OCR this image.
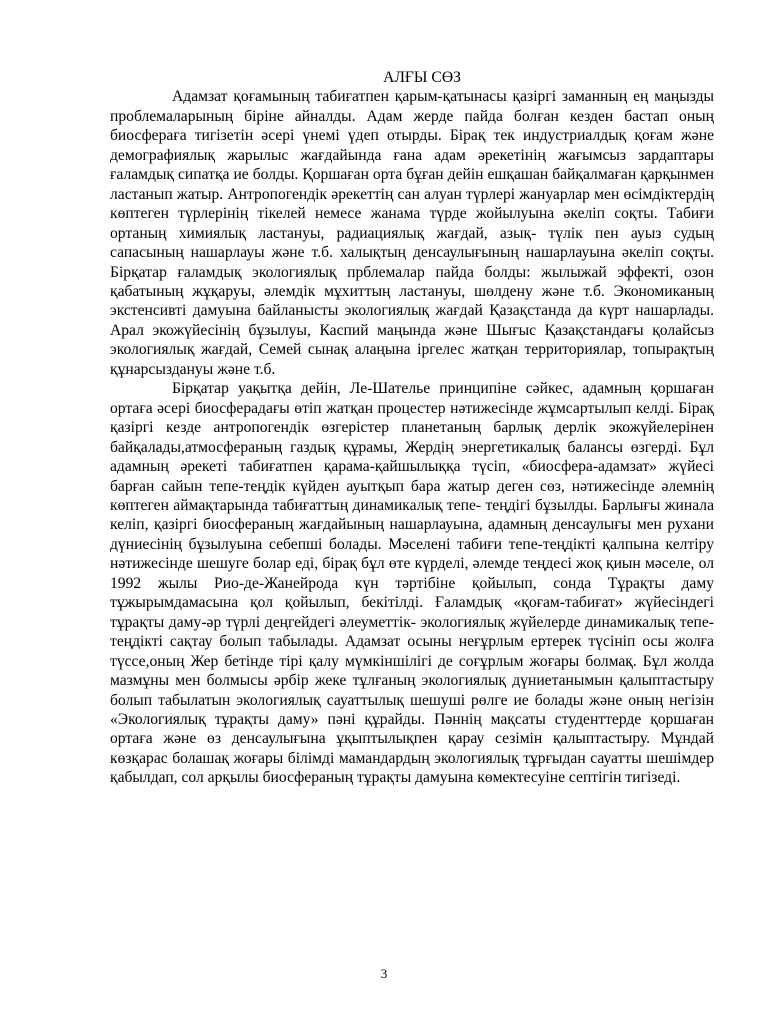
АЛҒЫ СӨЗ

Адамзат қоғамының табиғатпен қарым-қатынасы қазіргі заманның ең маңызды проблемаларының біріне айналды. Адам жерде пайда болған кезден бастап оның биосфераға тигізетін әсері үнемі үдеп отырды. Бірақ тек индустриалдық қоғам және демографиялық жарылыс жағдайында ғана адам әрекетінің жағымсыз зардаптары ғаламдық сипатқа ие болды. Қоршаған орта бұған дейін ешқашан байқалмаған қарқынмен ластанып жатыр. Антропогендік әрекеттің сан алуан түрлері жануарлар мен өсімдіктердің көптеген түрлерінің тікелей немесе жанама түрде жойылуына әкеліп соқты. Табиғи ортаның химиялық ластануы, радиациялық жағдай, азық- түлік пен ауыз судың сапасының нашарлауы және т.б. халықтың денсаулығының нашарлауына әкеліп соқты. Бірқатар ғаламдық экологиялық прблемалар пайда болды: жылыжай эффекті, озон қабатының жұқаруы, әлемдік мұхиттың ластануы, шөлдену және т.б. Экономиканың экстенсивті дамуына байланысты экологиялық жағдай Қазақстанда да күрт нашарлады. Арал экожүйесінің бұзылуы, Каспий маңында және Шығыс Қазақстандағы қолайсыз экологиялық жағдай, Семей сынақ алаңына іргелес жатқан территориялар, топырақтың құнарсыздануы және т.б.

Бірқатар уақытқа дейін, Ле-Шателье принципіне сәйкес, адамның қоршаған ортаға әсері биосферадағы өтіп жатқан процестер нәтижесінде жұмсартылып келді. Бірақ қазіргі кезде антропогендік өзгерістер планетаның барлық дерлік экожүйелерінен байқалады,атмосфераның газдық құрамы, Жердің энергетикалық балансы өзгерді. Бұл адамның әрекеті табиғатпен қарама-қайшылыққа түсіп, «биосфера-адамзат» жүйесі барған сайын тепе-теңдік күйден ауытқып бара жатыр деген сөз, нәтижесінде әлемнің көптеген аймақтарында табиғаттың динамикалық тепе- теңдігі бұзылды. Барлығы жинала келіп, қазіргі биосфераның жағдайының нашарлауына, адамның денсаулығы мен рухани дүниесінің бұзылуына себепші болады. Мәселені табиғи тепе-теңдікті қалпына келтіру нәтижесінде шешуге болар еді, бірақ бұл өте күрделі, әлемде теңдесі жоқ қиын мәселе, ол 1992 жылы Рио-де-Жанейрода күн тәртібіне қойылып, сонда Тұрақты даму тұжырымдамасына қол қойылып, бекітілді. Ғаламдық «қоғам-табиғат» жүйесіндегі тұрақты даму-әр түрлі деңгейдегі әлеуметтік- экологиялық жүйелерде динамикалық тепе-теңдікті сақтау болып табылады. Адамзат осыны неғұрлым ертерек түсініп осы жолға түссе,оның Жер бетінде тірі қалу мүмкіншілігі де соғұрлым жоғары болмақ. Бұл жолда мазмұны мен болмысы әрбір жеке тұлғаның экологиялық дүниетанымын қалыптастыру болып табылатын экологиялық сауаттылық шешуші рөлге ие болады және оның негізін «Экологиялық тұрақты даму» пәні құрайды. Пәннің мақсаты студенттерде қоршаған ортаға және өз денсаулығына ұқыптылықпен қарау сезімін қалыптастыру. Мұндай көзқарас болашақ жоғары білімді мамандардың экологиялық тұрғыдан сауатты шешімдер қабылдап, сол арқылы биосфераның тұрақты дамуына көмектесуіне септігін тигізеді.

3
